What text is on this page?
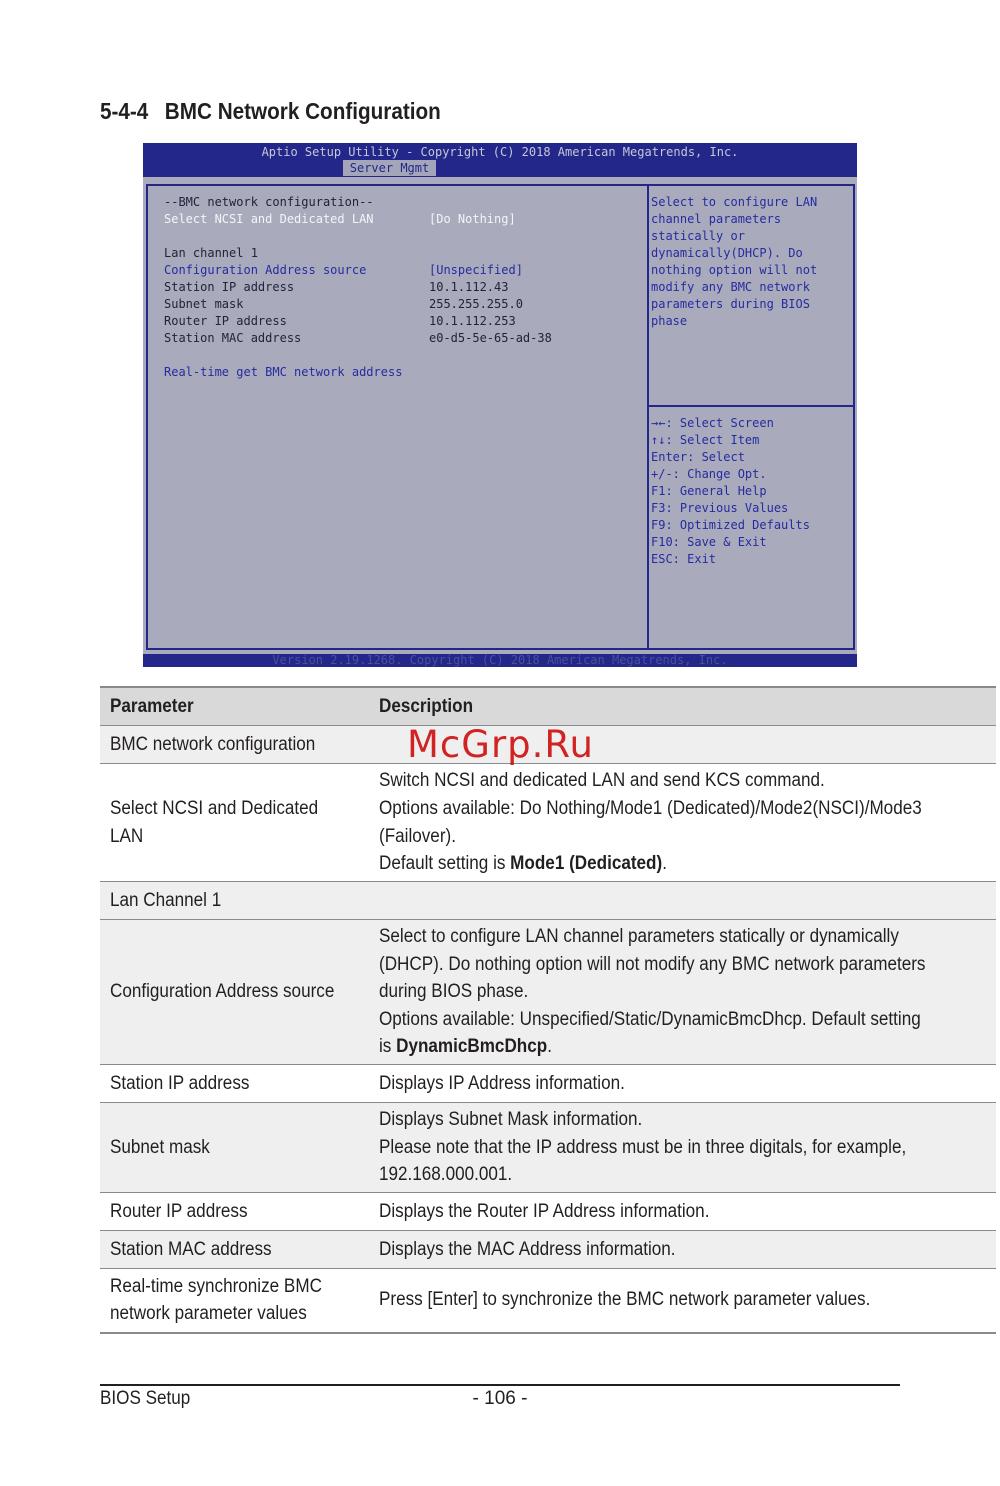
5-4-4 BMC Network Configuration
Aptio Setup Utility - Copyright (C) 2018 American Megatrends, Inc.
Server Mgmt
--BMC network configuration--
Select NCSI and Dedicated LAN	[Do Nothing]
Lan channel 1
Configuration Address source	[Unspecified]
Station IP address	10.1.112.43
Subnet mask	255.255.255.0
Router IP address	10.1.112.253
Station MAC address	e0-d5-5e-65-ad-38
Real-time get BMC network address
Select to configure LAN
channel parameters
statically or
dynamically(DHCP). Do
nothing option will not
modify any BMC network
parameters during BIOS
phase
→←: Select Screen
↑↓: Select Item
Enter: Select
+/-: Change Opt.
F1: General Help
F3: Previous Values
F9: Optimized Defaults
F10: Save & Exit
ESC: Exit
Version 2.19.1268. Copyright (C) 2018 American Megatrends, Inc.
Parameter	Description

BMC network configuration	

Select NCSI and Dedicated
LAN	Switch NCSI and dedicated LAN and send KCS command.
Options available: Do Nothing/Mode1 (Dedicated)/Mode2(NSCI)/Mode3
(Failover).
Default setting is Mode1 (Dedicated).

Lan Channel 1	

Configuration Address source	Select to configure LAN channel parameters statically or dynamically
(DHCP). Do nothing option will not modify any BMC network parameters
during BIOS phase.
Options available: Unspecified/Static/DynamicBmcDhcp. Default setting
is DynamicBmcDhcp.

Station IP address	Displays IP Address information.

Subnet mask	Displays Subnet Mask information.
Please note that the IP address must be in three digitals, for example,
192.168.000.001.

Router IP address	Displays the Router IP Address information.

Station MAC address	Displays the MAC Address information.

Real-time synchronize BMC
network parameter values	Press [Enter] to synchronize the BMC network parameter values.
McGrp.Ru
BIOS Setup	- 106 -
